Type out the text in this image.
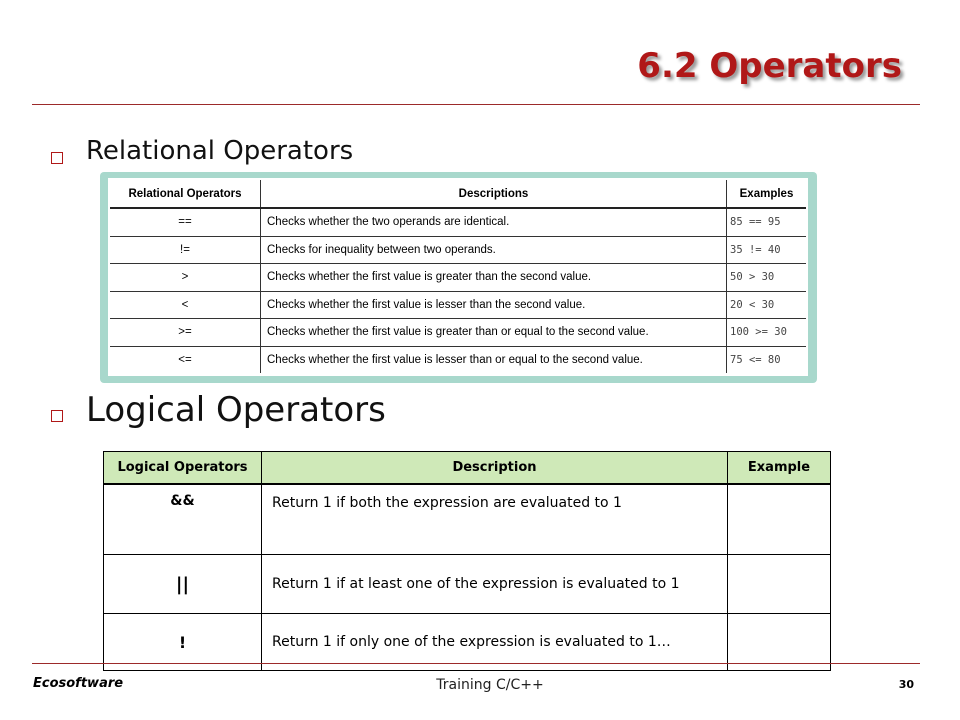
6.2 Operators
Relational Operators
Relational Operators	Descriptions	Examples
==	Checks whether the two operands are identical.	85 == 95
!=	Checks for inequality between two operands.	35 != 40
>	Checks whether the first value is greater than the second value.	50 > 30
<	Checks whether the first value is lesser than the second value.	20 < 30
>=	Checks whether the first value is greater than or equal to the second value.	100 >= 30
<=	Checks whether the first value is lesser than or equal to the second value.	75 <= 80
Logical Operators
Logical Operators	Description	Example
&&	Return 1 if both the expression are evaluated to 1	
||	Return 1 if at least one of the expression is evaluated to 1	
!	Return 1 if only one of the expression is evaluated to 1…	
Ecosoftware	Training C/C++	30
